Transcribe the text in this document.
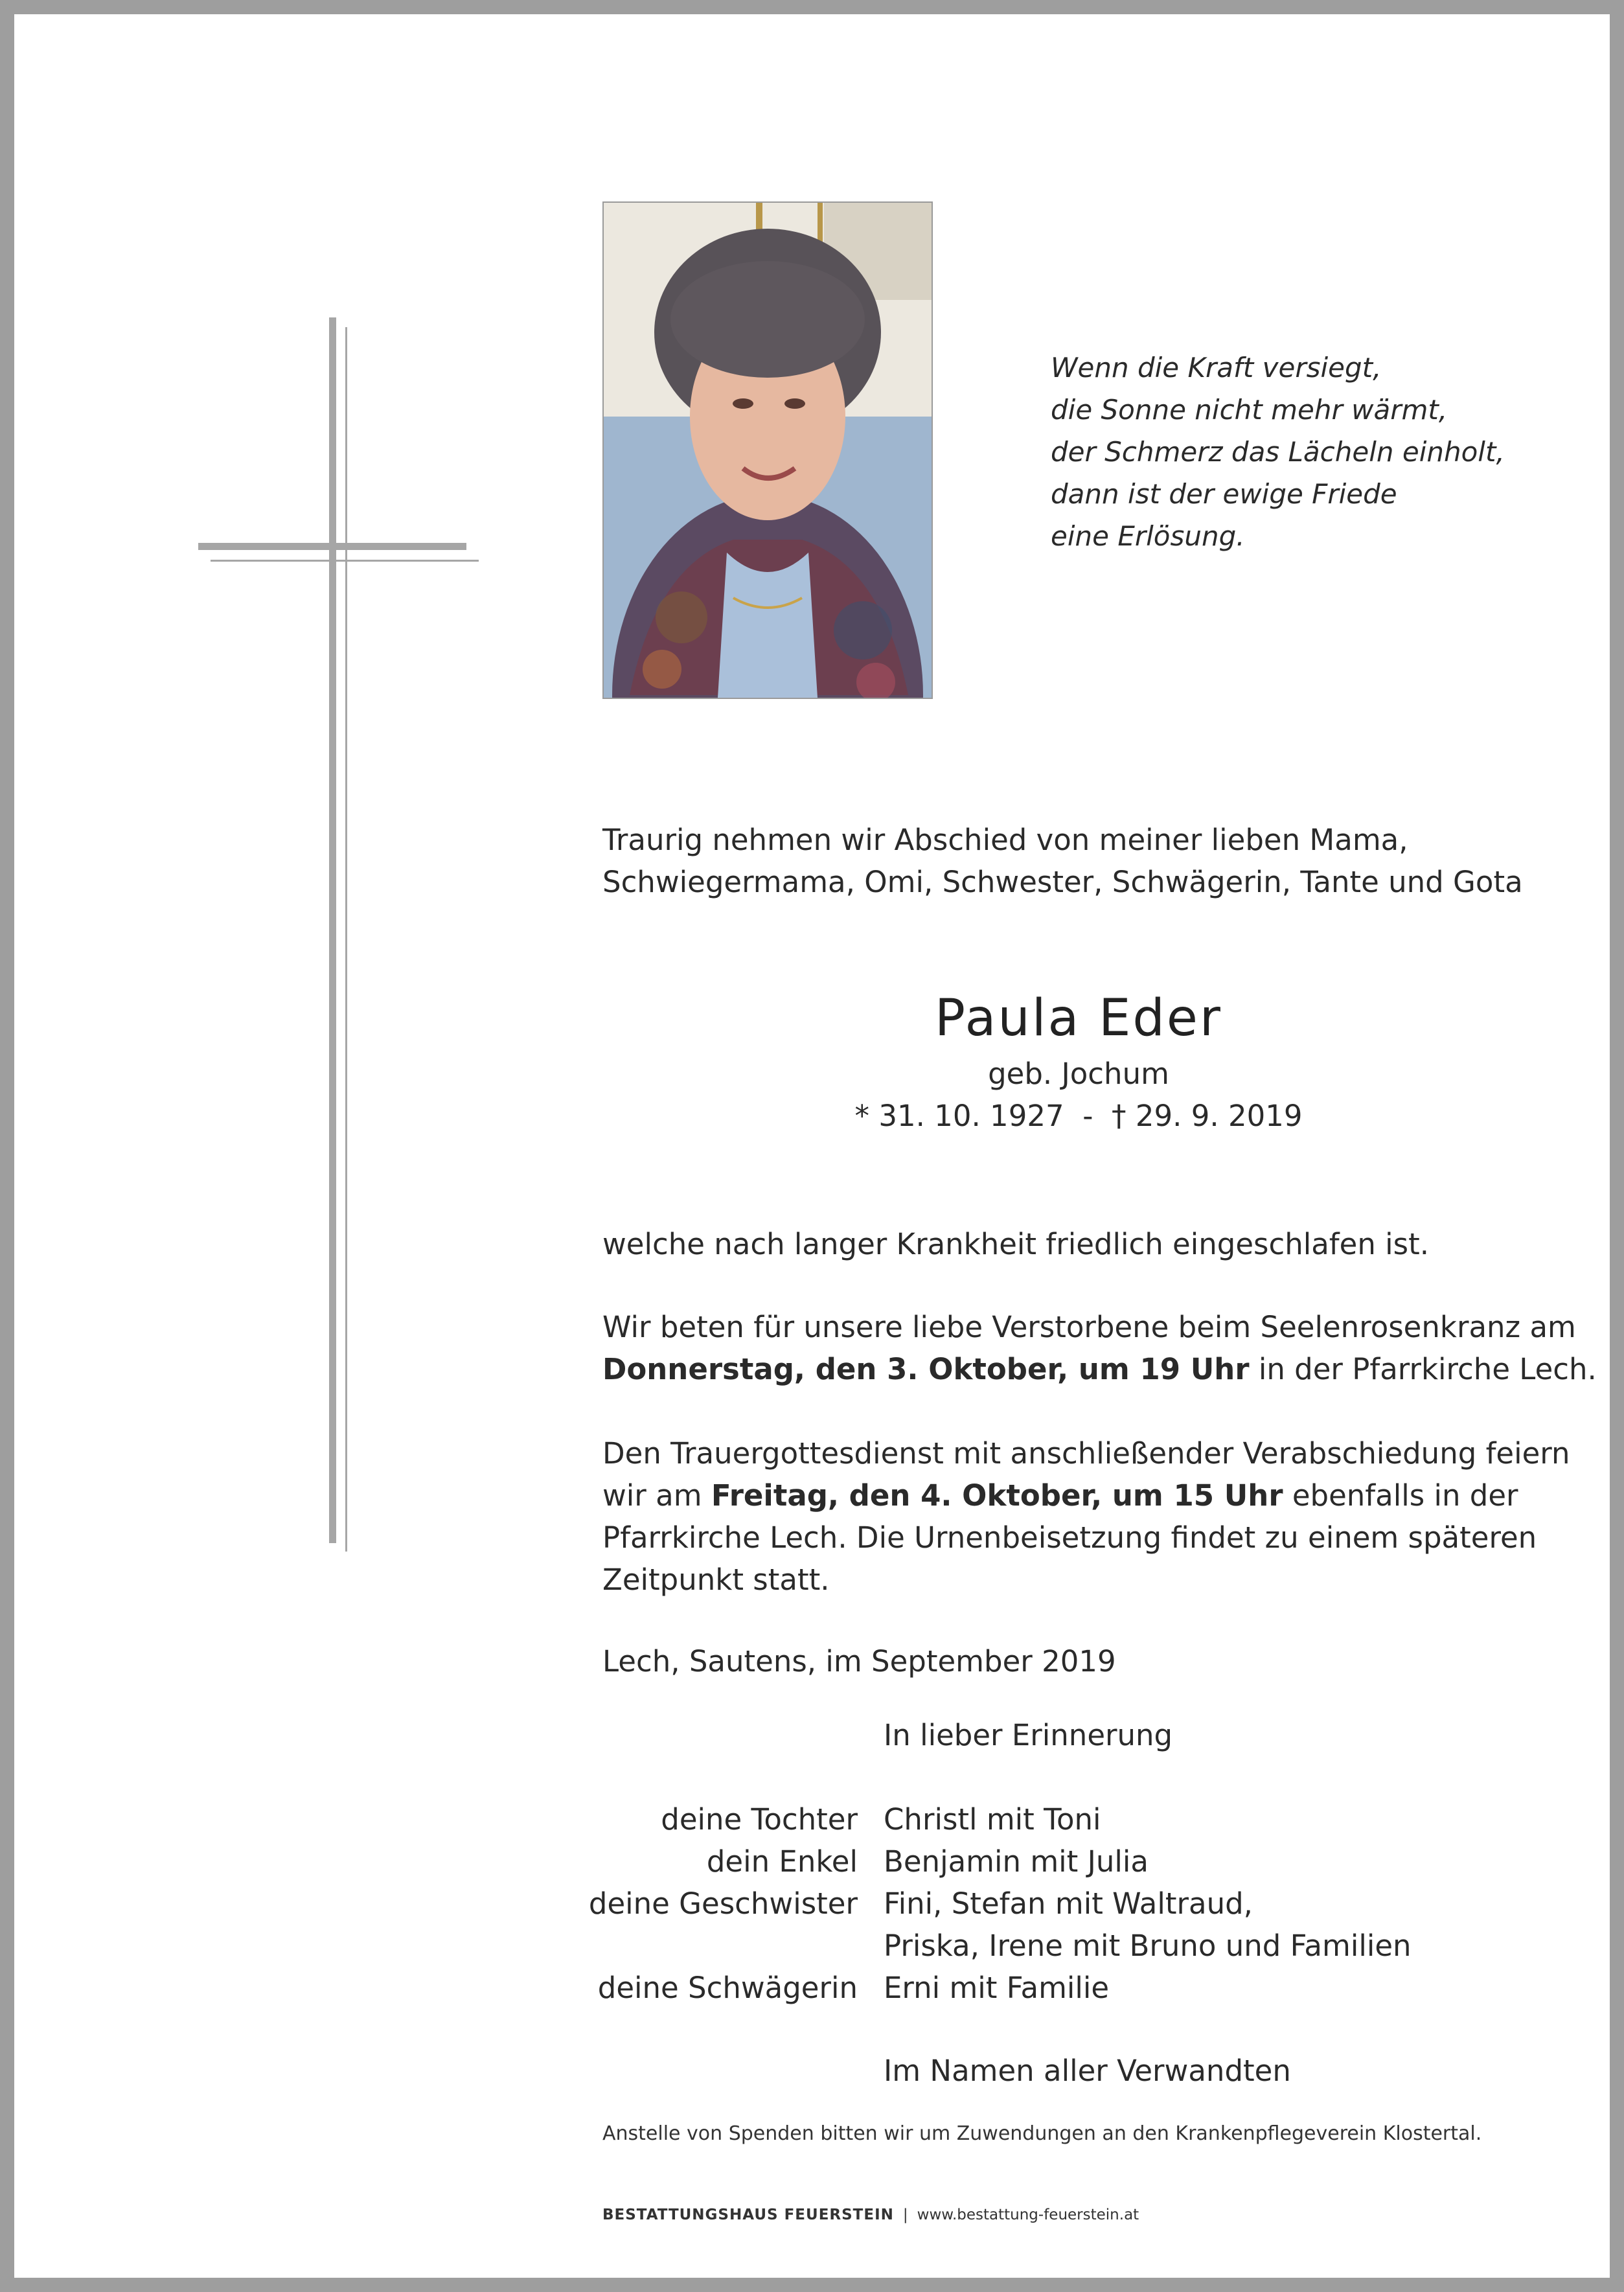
Wenn die Kraft versiegt,
die Sonne nicht mehr wärmt,
der Schmerz das Lächeln einholt,
dann ist der ewige Friede
eine Erlösung.
Traurig nehmen wir Abschied von meiner lieben Mama,
Schwiegermama, Omi, Schwester, Schwägerin, Tante und Gota
Paula Eder
geb. Jochum
* 31. 10. 1927  -  † 29. 9. 2019
welche nach langer Krankheit friedlich eingeschlafen ist.
Wir beten für unsere liebe Verstorbene beim Seelenrosenkranz am
Donnerstag, den 3. Oktober, um 19 Uhr in der Pfarrkirche Lech.
Den Trauergottesdienst mit anschließender Verabschiedung feiern
wir am Freitag, den 4. Oktober, um 15 Uhr ebenfalls in der
Pfarrkirche Lech. Die Urnenbeisetzung findet zu einem späteren
Zeitpunkt statt.
Lech, Sautens, im September 2019
In lieber Erinnerung
deine Tochter Christl mit Toni
dein Enkel Benjamin mit Julia
deine Geschwister Fini, Stefan mit Waltraud,
Priska, Irene mit Bruno und Familien
deine Schwägerin Erni mit Familie
Im Namen aller Verwandten
Anstelle von Spenden bitten wir um Zuwendungen an den Krankenpflegeverein Klostertal.
BESTATTUNGSHAUS FEUERSTEIN | www.bestattung-feuerstein.at
